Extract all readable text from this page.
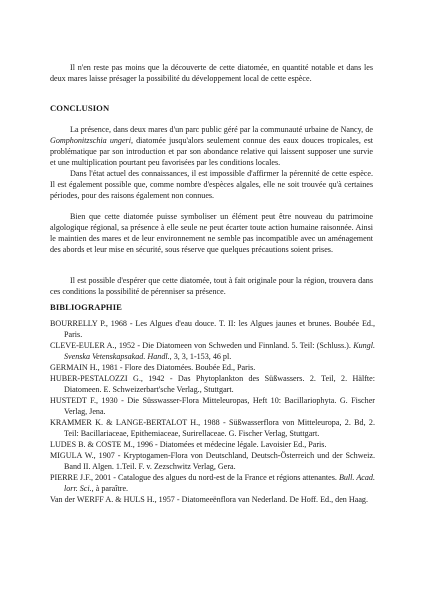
Il n'en reste pas moins que la découverte de cette diatomée, en quantité notable et dans les deux mares laisse présager la possibilité du développement local de cette espèce.

CONCLUSION

La présence, dans deux mares d'un parc public géré par la communauté urbaine de Nancy, de Gomphonitzschia ungeri, diatomée jusqu'alors seulement connue des eaux douces tropicales, est problématique par son introduction et par son abondance relative qui laissent supposer une survie et une multiplication pourtant peu favorisées par les conditions locales.

Dans l'état actuel des connaissances, il est impossible d'affirmer la pérennité de cette espèce. Il est également possible que, comme nombre d'espèces algales, elle ne soit trouvée qu'à certaines périodes, pour des raisons également non connues.

Bien que cette diatomée puisse symboliser un élément peut être nouveau du patrimoine algologique régional, sa présence à elle seule ne peut écarter toute action humaine raisonnée. Ainsi le maintien des mares et de leur environnement ne semble pas incompatible avec un aménagement des abords et leur mise en sécurité, sous réserve que quelques précautions soient prises.

Il est possible d'espérer que cette diatomée, tout à fait originale pour la région, trouvera dans ces conditions la possibilité de pérenniser sa présence.

BIBLIOGRAPHIE
BOURRELLY P., 1968 - Les Algues d'eau douce. T. II: les Algues jaunes et brunes. Boubée Ed., Paris.
CLEVE-EULER A., 1952 - Die Diatomeen von Schweden und Finnland. 5. Teil: (Schluss.). Kungl. Svenska Vetenskapsakad. Handl., 3, 3, 1-153, 46 pl.
GERMAIN H., 1981 - Flore des Diatomées. Boubée Ed., Paris.
HUBER-PESTALOZZI G., 1942 - Das Phytoplankton des Süßwassers. 2. Teil, 2. Hälfte: Diatomeen. E. Schweizerbart'sche Verlag., Stuttgart.
HUSTEDT F., 1930 - Die Süsswasser-Flora Mitteleuropas, Heft 10: Bacillariophyta. G. Fischer Verlag, Jena.
KRAMMER K. & LANGE-BERTALOT H., 1988 - Süßwasserflora von Mitteleuropa, 2. Bd, 2. Teil: Bacillariaceae, Epithemiaceae, Surirellaceae. G. Fischer Verlag, Stuttgart.
LUDES B. & COSTE M., 1996 - Diatomées et médecine légale. Lavoisier Ed., Paris.
MIGULA W., 1907 - Kryptogamen-Flora von Deutschland, Deutsch-Österreich und der Schweiz. Band II. Algen. 1.Teil. F. v. Zezschwitz Verlag, Gera.
PIERRE J.F., 2001 - Catalogue des algues du nord-est de la France et régions attenantes. Bull. Acad. lorr. Sci., à paraître.
Van der WERFF A. & HULS H., 1957 - Diatomeeënflora van Nederland. De Hoff. Ed., den Haag.
